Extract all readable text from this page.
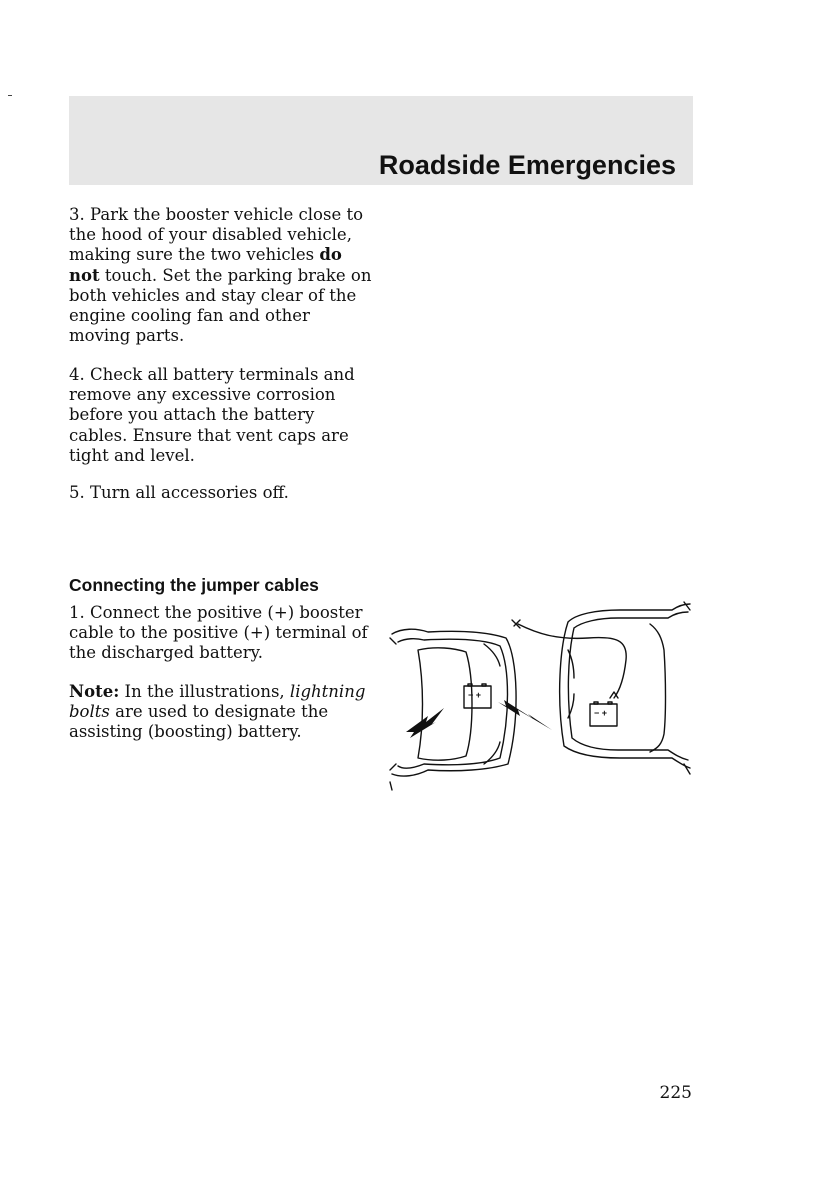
Roadside Emergencies

3. Park the booster vehicle close to the hood of your disabled vehicle, making sure the two vehicles do not touch. Set the parking brake on both vehicles and stay clear of the engine cooling fan and other moving parts.

4. Check all battery terminals and remove any excessive corrosion before you attach the battery cables. Ensure that vent caps are tight and level.

5. Turn all accessories off.

Connecting the jumper cables

1. Connect the positive (+) booster cable to the positive (+) terminal of the discharged battery.

Note: In the illustrations, lightning bolts are used to designate the assisting (boosting) battery.

− +
− +
225
